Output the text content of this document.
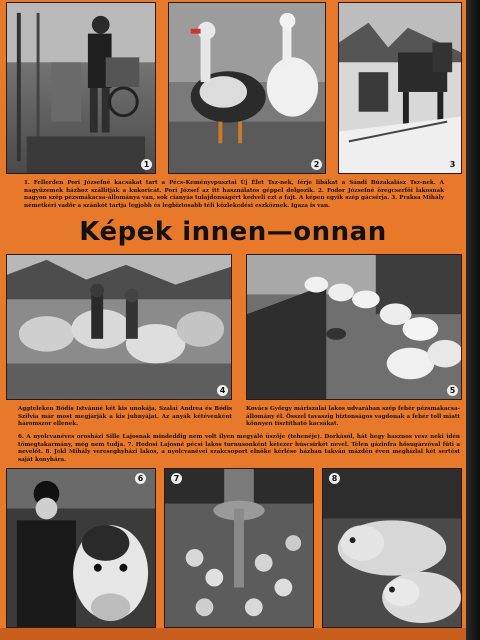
1	2	3

1. Fellerden Pori Józsefné kacsákat tart a Pécs-Keményvpusztai Új Élet Tsz-nek, férje libákat a Sándi Búzakalász Tsz-nek. A nagyüzemek házhoz szállítják a kukoricát. Pori József az itt használatos géppel dolgozik. 2. Fodor Józsefné öregcserfői lakosnak nagyon szép pézsmakacsa-állománya van, sok cianyás tulajdonságért kedveli ezt a fajt. A képen egyik szép gácsérja. 3. Praksa Mihály németkéri vadőr a szánkót tartja legjobb és legbiztosabb téli közlekedési eszköznek. Igaza is van.

Képek innen—onnan
4	5

Aggteleken Bódis Istvánné két kis unokája, Szalai Andrea és Bódis Szilvia már most megjárják a kis juhnyájat. Az anyák kétévenként háromszor ellenek.

Kovács György máriszalai lakos udvarában szép fehér pézsmakacsa-állomány él. Összel tavaszig biztonságos vagdonak a fehér toll miatt könnyen tisztítható kacsákat.

6. A nyolcvanéves orosházi Sille Lajosnak mindeddig nem volt ilyen megyáló üszője (tehenéje). Dorkásól, hát hegy hasznos vesz neki idén tömegtakarmány, még nem tudja. 7. Hodosi Lajosné pécsi lakos turnusonként kétezer húscsirkét nevel. Télen gázinfra hősugárzóval fűti a nevelőt. 8. Jekl Mihály vereseghyházi lakos, a nyolcvanévei szakcsoport elnöke kérlése házban takván mázdén éven meghízlal két sertést saját konyhára.

6	7	8
